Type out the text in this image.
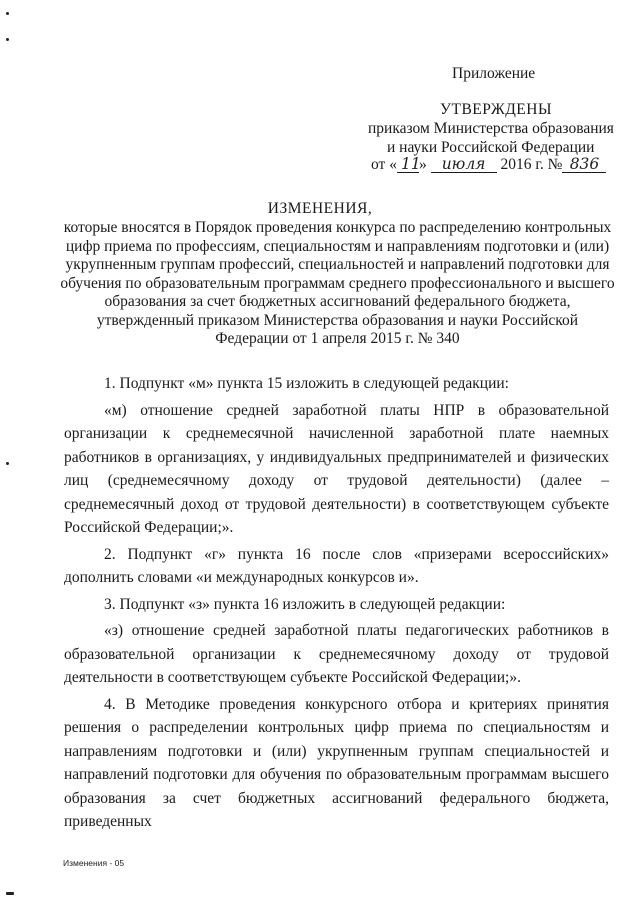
Приложение
УТВЕРЖДЕНЫ
приказом Министерства образования
и науки Российской Федерации
от « 11» июля 2016 г. № 836
ИЗМЕНЕНИЯ,
которые вносятся в Порядок проведения конкурса по распределению контрольных цифр приема по профессиям, специальностям и направлениям подготовки и (или) укрупненным группам профессий, специальностей и направлений подготовки для обучения по образовательным программам среднего профессионального и высшего образования за счет бюджетных ассигнований федерального бюджета, утвержденный приказом Министерства образования и науки Российской Федерации от 1 апреля 2015 г. № 340

1. Подпункт «м» пункта 15 изложить в следующей редакции:

«м) отношение средней заработной платы НПР в образовательной организации к среднемесячной начисленной заработной плате наемных работников в организациях, у индивидуальных предпринимателей и физических лиц (среднемесячному доходу от трудовой деятельности) (далее – среднемесячный доход от трудовой деятельности) в соответствующем субъекте Российской Федерации;».

2. Подпункт «г» пункта 16 после слов «призерами всероссийских» дополнить словами «и международных конкурсов и».

3. Подпункт «з» пункта 16 изложить в следующей редакции:

«з) отношение средней заработной платы педагогических работников в образовательной организации к среднемесячному доходу от трудовой деятельности в соответствующем субъекте Российской Федерации;».

4. В Методике проведения конкурсного отбора и критериях принятия решения о распределении контрольных цифр приема по специальностям и направлениям подготовки и (или) укрупненным группам специальностей и направлений подготовки для обучения по образовательным программам высшего образования за счет бюджетных ассигнований федерального бюджета, приведенных

Изменения - 05
